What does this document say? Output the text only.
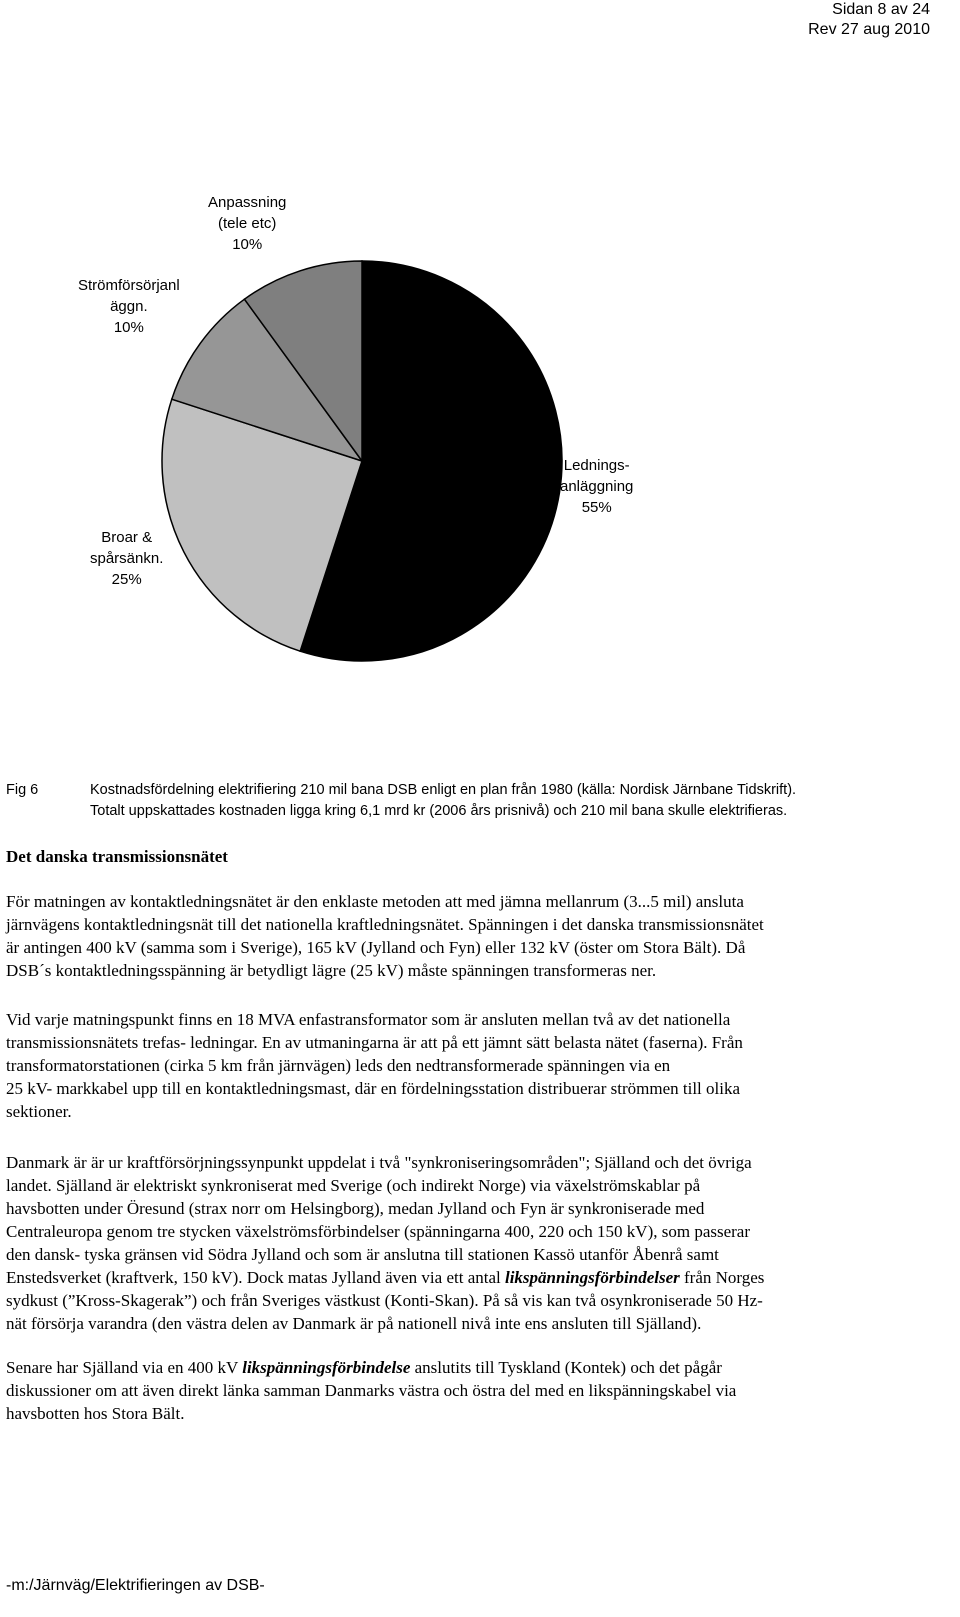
Sidan 8 av 24
Rev 27 aug 2010
Lednings-
anläggning
55%
Broar &
spårsänkn.
25%
Strömförsörjanl
äggn.
10%
Anpassning
(tele etc)
10%
Fig 6	Kostnadsfördelning elektrifiering 210 mil bana DSB enligt en plan från 1980 (källa: Nordisk Järnbane Tidskrift).
Totalt uppskattades kostnaden ligga kring 6,1 mrd kr (2006 års prisnivå) och 210 mil bana skulle elektrifieras.
Det danska transmissionsnätet

För matningen av kontaktledningsnätet är den enklaste metoden att med jämna mellanrum (3...5 mil) ansluta
järnvägens kontaktledningsnät till det nationella kraftledningsnätet. Spänningen i det danska transmissionsnätet
är antingen 400 kV (samma som i Sverige), 165 kV (Jylland och Fyn) eller 132 kV (öster om Stora Bält). Då
DSB´s kontaktledningsspänning är betydligt lägre (25 kV) måste spänningen transformeras ner.

Vid varje matningspunkt finns en 18 MVA enfastransformator som är ansluten mellan två av det nationella
transmissionsnätets trefas- ledningar. En av utmaningarna är att på ett jämnt sätt belasta nätet (faserna). Från
transformatorstationen (cirka 5 km från järnvägen) leds den nedtransformerade spänningen via en
25 kV- markkabel upp till en kontaktledningsmast, där en fördelningsstation distribuerar strömmen till olika
sektioner.

Danmark är är ur kraftförsörjningssynpunkt uppdelat i två "synkroniseringsområden"; Själland och det övriga
landet. Själland är elektriskt synkroniserat med Sverige (och indirekt Norge) via växelströmskablar på
havsbotten under Öresund (strax norr om Helsingborg), medan Jylland och Fyn är synkroniserade med
Centraleuropa genom tre stycken växelströmsförbindelser (spänningarna 400, 220 och 150 kV), som passerar
den dansk- tyska gränsen vid Södra Jylland och som är anslutna till stationen Kassö utanför Åbenrå samt
Enstedsverket (kraftverk, 150 kV). Dock matas Jylland även via ett antal likspänningsförbindelser från Norges
sydkust (”Kross-Skagerak”) och från Sveriges västkust (Konti-Skan). På så vis kan två osynkroniserade 50 Hz-
nät försörja varandra (den västra delen av Danmark är på nationell nivå inte ens ansluten till Själland).

Senare har Själland via en 400 kV likspänningsförbindelse anslutits till Tyskland (Kontek) och det pågår
diskussioner om att även direkt länka samman Danmarks västra och östra del med en likspänningskabel via
havsbotten hos Stora Bält.

-m:/Järnväg/Elektrifieringen av DSB-
